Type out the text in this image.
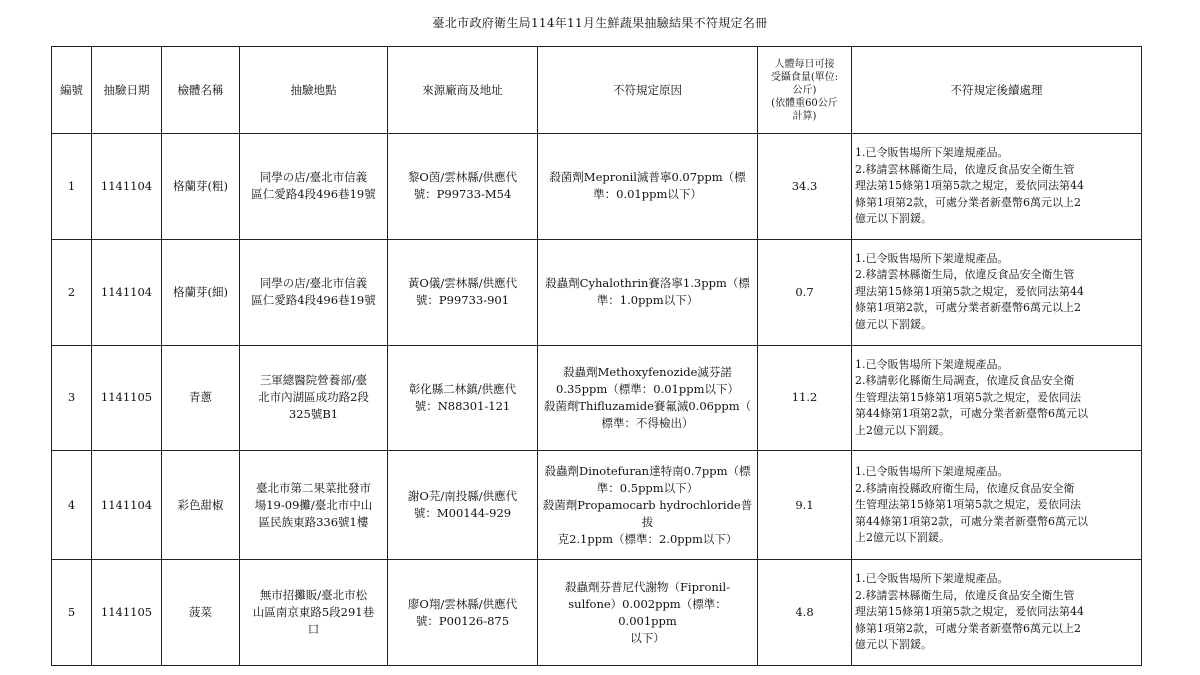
臺北市政府衛生局114年11月生鮮蔬果抽驗結果不符規定名冊
編號	抽驗日期	檢體名稱	抽驗地點	來源廠商及地址	不符規定原因	人體每日可接
受攝食量(單位:
公斤)
(依體重60公斤
計算)	不符規定後續處理
1	1141104	格蘭芽(粗)	同學の店/臺北市信義
區仁愛路4段496巷19號	黎O茵/雲林縣/供應代
號：P99733-M54	殺菌劑Mepronil滅普寧0.07ppm（標
準：0.01ppm以下）	34.3	1.已令販售場所下架違規產品。
2.移請雲林縣衛生局，依違反食品安全衛生管
理法第15條第1項第5款之規定，爰依同法第44
條第1項第2款，可處分業者新臺幣6萬元以上2
億元以下罰鍰。

2	1141104	格蘭芽(細)	同學の店/臺北市信義
區仁愛路4段496巷19號	黃O儀/雲林縣/供應代
號：P99733-901	殺蟲劑Cyhalothrin賽洛寧1.3ppm（標
準：1.0ppm以下）	0.7	1.已令販售場所下架違規產品。
2.移請雲林縣衛生局，依違反食品安全衛生管
理法第15條第1項第5款之規定，爰依同法第44
條第1項第2款，可處分業者新臺幣6萬元以上2
億元以下罰鍰。

3	1141105	青蔥	三軍總醫院營養部/臺
北市內湖區成功路2段
325號B1	彰化縣二林鎮/供應代
號：N88301-121	殺蟲劑Methoxyfenozide滅芬諾
0.35ppm（標準：0.01ppm以下）
殺菌劑Thifluzamide賽氟滅0.06ppm（
標準：不得檢出）	11.2	1.已令販售場所下架違規產品。
2.移請彰化縣衛生局調查，依違反食品安全衛
生管理法第15條第1項第5款之規定，爰依同法
第44條第1項第2款，可處分業者新臺幣6萬元以
上2億元以下罰鍰。

4	1141104	彩色甜椒	臺北市第二果菜批發市
場19-09攤/臺北市中山
區民族東路336號1樓	謝O芫/南投縣/供應代
號：M00144-929	殺蟲劑Dinotefuran達特南0.7ppm（標
準：0.5ppm以下）
殺菌劑Propamocarb hydrochloride普拔
克2.1ppm（標準：2.0ppm以下）	9.1	1.已令販售場所下架違規產品。
2.移請南投縣政府衛生局，依違反食品安全衛
生管理法第15條第1項第5款之規定，爰依同法
第44條第1項第2款，可處分業者新臺幣6萬元以
上2億元以下罰鍰。

5	1141105	菠菜	無市招攤販/臺北市松
山區南京東路5段291巷
口	廖O翔/雲林縣/供應代
號：P00126-875	殺蟲劑芬普尼代謝物（Fipronil-
sulfone）0.002ppm（標準：0.001ppm
以下）	4.8	1.已令販售場所下架違規產品。
2.移請雲林縣衛生局，依違反食品安全衛生管
理法第15條第1項第5款之規定，爰依同法第44
條第1項第2款，可處分業者新臺幣6萬元以上2
億元以下罰鍰。
